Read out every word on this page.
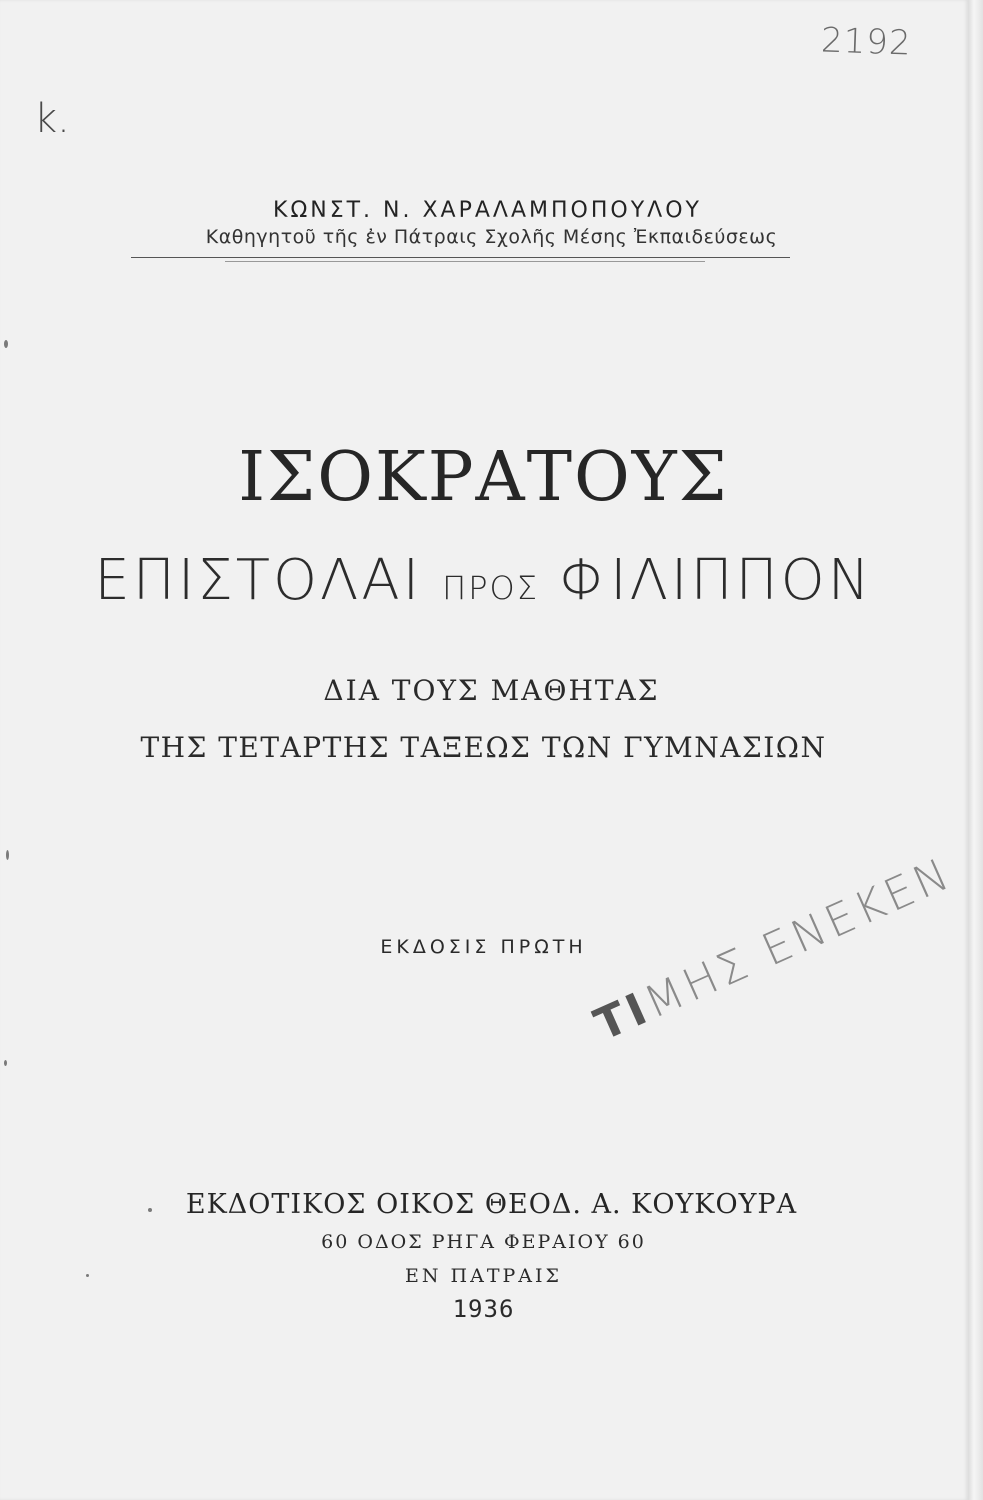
2192
k.
ΚΩΝΣΤ. Ν. ΧΑΡΑΛΑΜΠΟΠΟΥΛΟΥ
Καθηγητοῦ τῆς ἐν Πάτραις Σχολῆς Μέσης Ἐκπαιδεύσεως
ΙΣΟΚΡΑΤΟΥΣ
ΕΠΙΣΤΟΛΑΙ ΠΡΟΣ ΦΙΛΙΠΠΟΝ
ΔΙΑ ΤΟΥΣ ΜΑΘΗΤΑΣ
ΤΗΣ ΤΕΤΑΡΤΗΣ ΤΑΞΕΩΣ ΤΩΝ ΓΥΜΝΑΣΙΩΝ
ΕΚΔΟΣΙΣ ΠΡΩΤΗ
ΤΙΜΗΣ ΕΝΕΚΕΝ
ΕΚΔΟΤΙΚΟΣ ΟΙΚΟΣ ΘΕΟΔ. Α. ΚΟΥΚΟΥΡΑ
60 ΟΔΟΣ ΡΗΓΑ ΦΕΡΑΙΟΥ 60
ΕΝ ΠΑΤΡΑΙΣ
1936
